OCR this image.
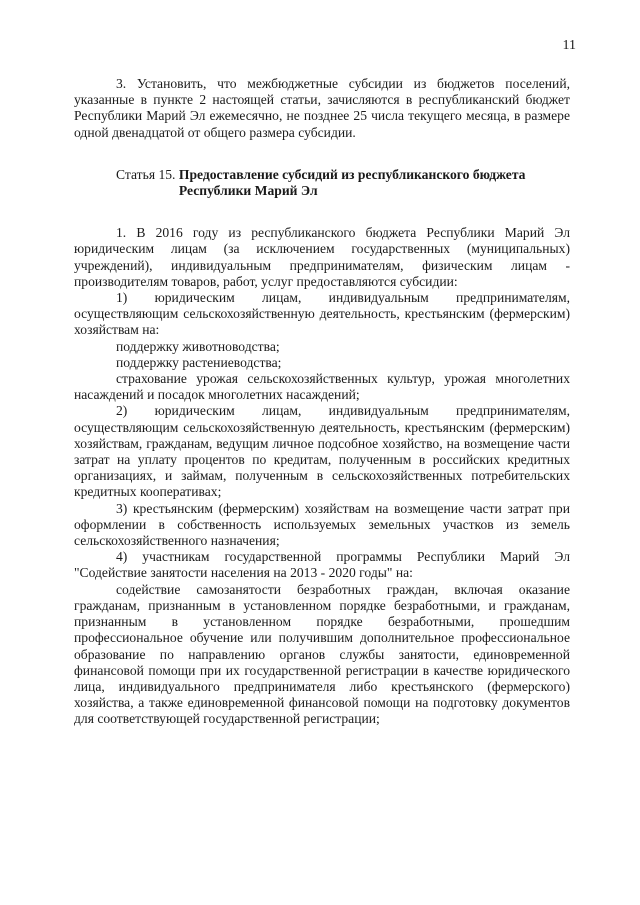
11

3. Установить, что межбюджетные субсидии из бюджетов поселений, указанные в пункте 2 настоящей статьи, зачисляются в республиканский бюджет Республики Марий Эл ежемесячно, не позднее 25 числа текущего месяца, в размере одной двенадцатой от общего размера субсидии.

Статья 15.
Предоставление субсидий из республиканского бюджета
Республики Марий Эл

1. В 2016 году из республиканского бюджета Республики Марий Эл юридическим лицам (за исключением государственных (муниципальных) учреждений), индивидуальным предпринимателям, физическим лицам - производителям товаров, работ, услуг предоставляются субсидии:

1) юридическим лицам, индивидуальным предпринимателям, осуществляющим сельскохозяйственную деятельность, крестьянским (фермерским) хозяйствам на:

поддержку животноводства;

поддержку растениеводства;

страхование урожая сельскохозяйственных культур, урожая многолетних насаждений и посадок многолетних насаждений;

2) юридическим лицам, индивидуальным предпринимателям, осуществляющим сельскохозяйственную деятельность, крестьянским (фермерским) хозяйствам, гражданам, ведущим личное подсобное хозяйство, на возмещение части затрат на уплату процентов по кредитам, полученным в российских кредитных организациях, и займам, полученным в сельскохозяйственных потребительских кредитных кооперативах;

3) крестьянским (фермерским) хозяйствам на возмещение части затрат при оформлении в собственность используемых земельных участков из земель сельскохозяйственного назначения;

4) участникам государственной программы Республики Марий Эл "Содействие занятости населения на 2013 - 2020 годы" на:

содействие самозанятости безработных граждан, включая оказание гражданам, признанным в установленном порядке безработными, и гражданам, признанным в установленном порядке безработными, прошедшим профессиональное обучение или получившим дополнительное профессиональное образование по направлению органов службы занятости, единовременной финансовой помощи при их государственной регистрации в качестве юридического лица, индивидуального предпринимателя либо крестьянского (фермерского) хозяйства, а также единовременной финансовой помощи на подготовку документов для соответствующей государственной регистрации;
